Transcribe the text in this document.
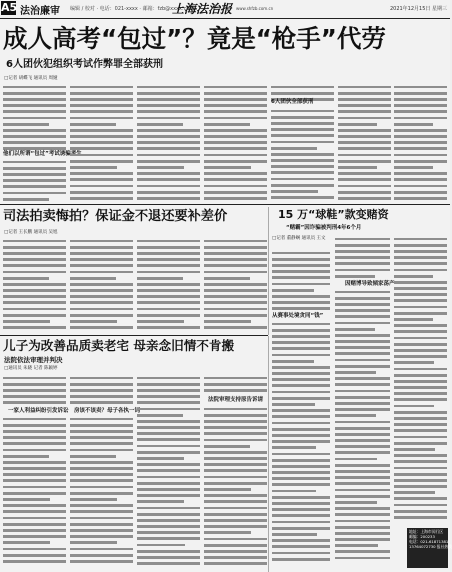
A5 法治廉审 编辑 / 校对 · 电话：021-xxxx · 邮箱：fzb@xxxx.com
上海法治报 www.shfzb.com.cn	2021年12月15日 星期三
成人高考“包过”？竟是“枪手”代劳
6人团伙犯组织考试作弊罪全部获刑
□记者 胡蝶飞 通讯员 周娅
他们以所谓“包过”考试诱骗考生
6人团伙全部获刑
司法拍卖悔拍？保证金不退还要补差价
□记者 王长鹏 通讯员 吴旭
15 万“球鞋”款变赌资
“赌霸”因诈骗被判刑4年6个月
□记者 董静娴 通讯员 王文
从赛事处境贪同“钱”
因赌博导致倾家荡产
儿子为改善品质卖老宅 母亲念旧情不肯搬
法院依法审理并判决
□通讯员 朱晓 记者 陈颖婷
一家人利益纠纷引发诉讼 房该不该卖？母子各执一词
法院审理支持原告诉请
地址：上海市闵行区
邮编：200233
电话：021-61871381
13764072730 报社热线
